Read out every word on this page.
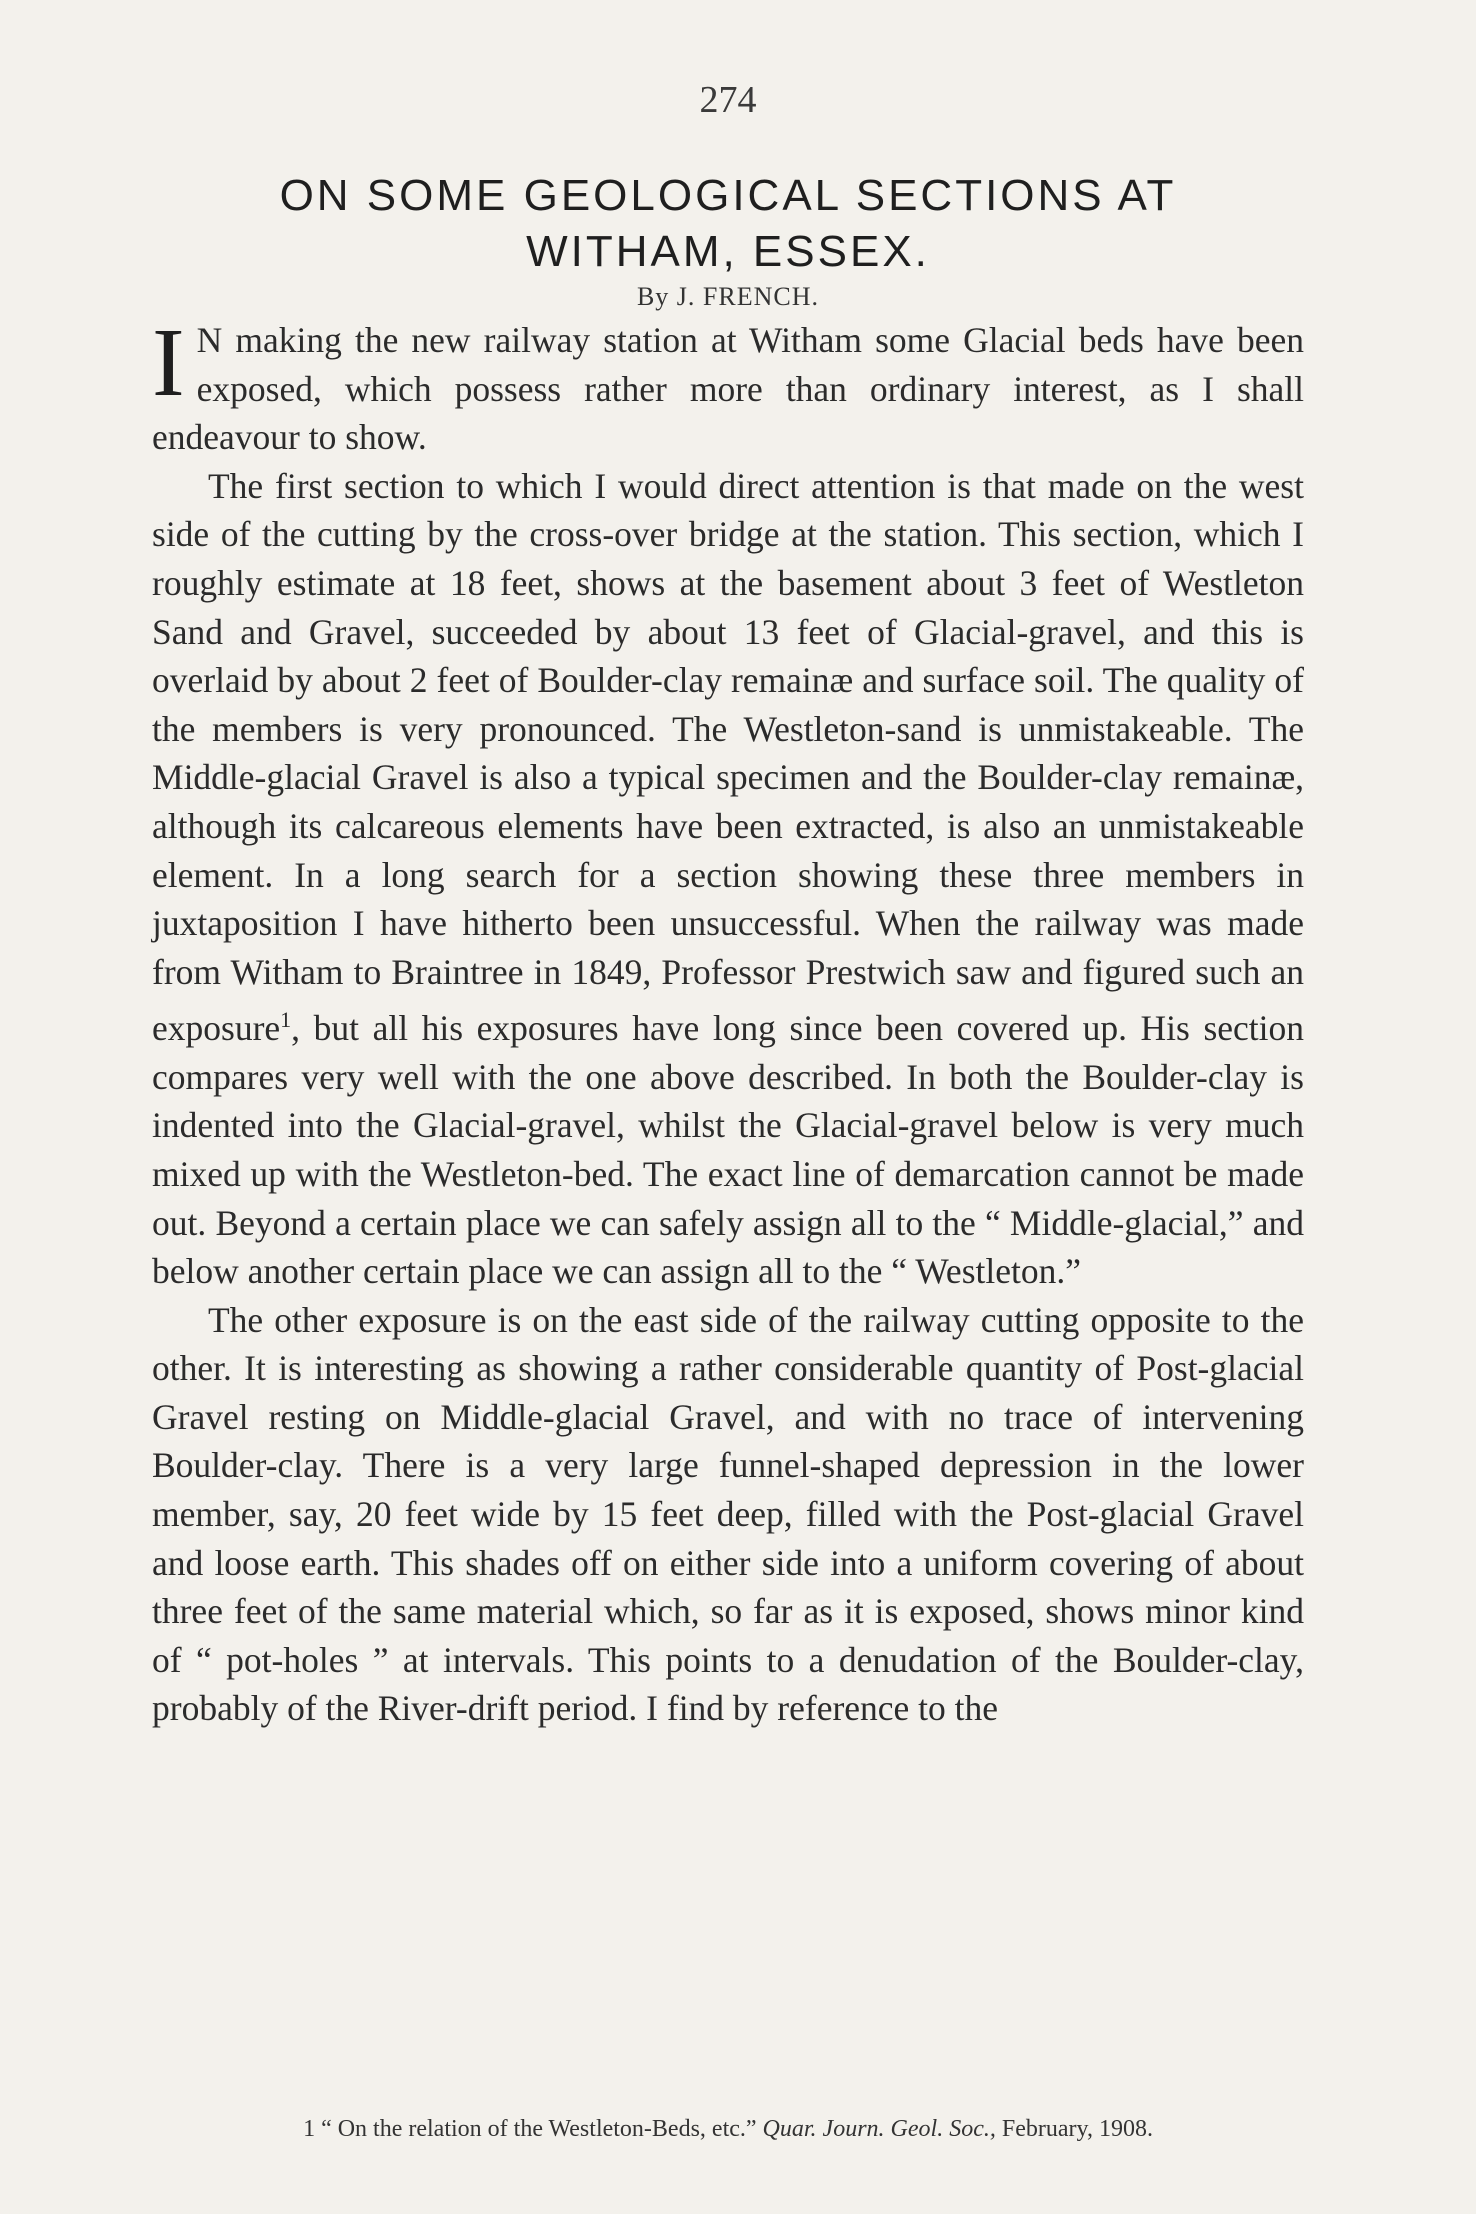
274
ON SOME GEOLOGICAL SECTIONS AT
WITHAM, ESSEX.
By J. FRENCH.

I N making the new railway station at Witham some Glacial beds have been exposed, which possess rather more than ordinary interest, as I shall endeavour to show.

The first section to which I would direct attention is that made on the west side of the cutting by the cross-over bridge at the station. This section, which I roughly estimate at 18 feet, shows at the basement about 3 feet of Westleton Sand and Gravel, succeeded by about 13 feet of Glacial-gravel, and this is overlaid by about 2 feet of Boulder-clay remainæ and surface soil. The quality of the members is very pronounced. The Westleton-sand is unmistakeable. The Middle-glacial Gravel is also a typical specimen and the Boulder-clay remainæ, although its calcareous elements have been extracted, is also an unmistakeable element. In a long search for a section showing these three members in juxtaposition I have hitherto been unsuccessful. When the railway was made from Witham to Braintree in 1849, Professor Prestwich saw and figured such an exposure$^1$, but all his exposures have long since been covered up. His section compares very well with the one above described. In both the Boulder-clay is indented into the Glacial-gravel, whilst the Glacial-gravel below is very much mixed up with the Westleton-bed. The exact line of demarcation cannot be made out. Beyond a certain place we can safely assign all to the “ Middle-glacial,” and below another certain place we can assign all to the “ Westleton.”

The other exposure is on the east side of the railway cutting opposite to the other. It is interesting as showing a rather considerable quantity of Post-glacial Gravel resting on Middle-glacial Gravel, and with no trace of intervening Boulder-clay. There is a very large funnel-shaped depression in the lower member, say, 20 feet wide by 15 feet deep, filled with the Post-glacial Gravel and loose earth. This shades off on either side into a uniform covering of about three feet of the same material which, so far as it is exposed, shows minor kind of “ pot-holes ” at intervals. This points to a denudation of the Boulder-clay, probably of the River-drift period. I find by reference to the

1 “ On the relation of the Westleton-Beds, etc.” Quar. Journ. Geol. Soc., February, 1908.
